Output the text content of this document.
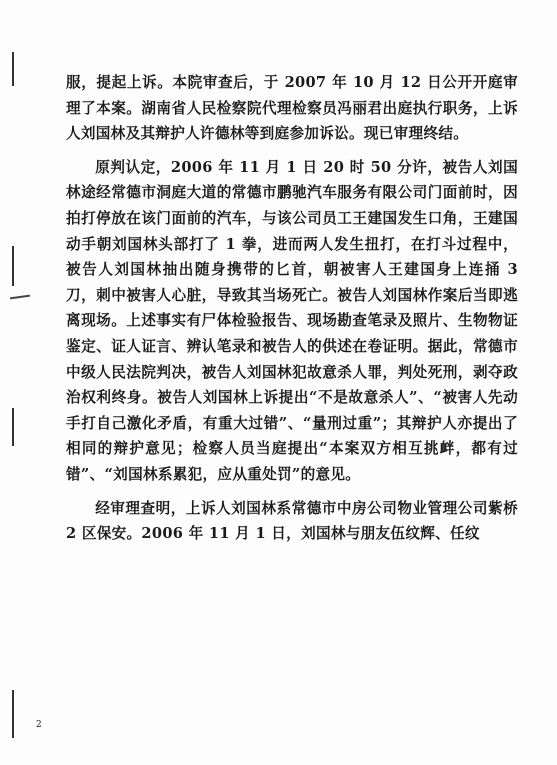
服，提起上诉。本院审查后，于 2007 年 10 月 12 日公开开庭审理了本案。湖南省人民检察院代理检察员冯丽君出庭执行职务，上诉人刘国林及其辩护人许德林等到庭参加诉讼。现已审理终结。

原判认定，2006 年 11 月 1 日 20 时 50 分许，被告人刘国林途经常德市洞庭大道的常德市鹏驰汽车服务有限公司门面前时，因拍打停放在该门面前的汽车，与该公司员工王建国发生口角，王建国动手朝刘国林头部打了 1 拳，进而两人发生扭打，在打斗过程中，被告人刘国林抽出随身携带的匕首，朝被害人王建国身上连捅 3 刀，刺中被害人心脏，导致其当场死亡。被告人刘国林作案后当即逃离现场。上述事实有尸体检验报告、现场勘查笔录及照片、生物物证鉴定、证人证言、辨认笔录和被告人的供述在卷证明。据此，常德市中级人民法院判决，被告人刘国林犯故意杀人罪，判处死刑，剥夺政治权利终身。被告人刘国林上诉提出“不是故意杀人”、“被害人先动手打自己激化矛盾，有重大过错”、“量刑过重”；其辩护人亦提出了相同的辩护意见；检察人员当庭提出“本案双方相互挑衅，都有过错”、“刘国林系累犯，应从重处罚”的意见。

经审理查明，上诉人刘国林系常德市中房公司物业管理公司紫桥 2 区保安。2006 年 11 月 1 日，刘国林与朋友伍纹辉、任纹

2
